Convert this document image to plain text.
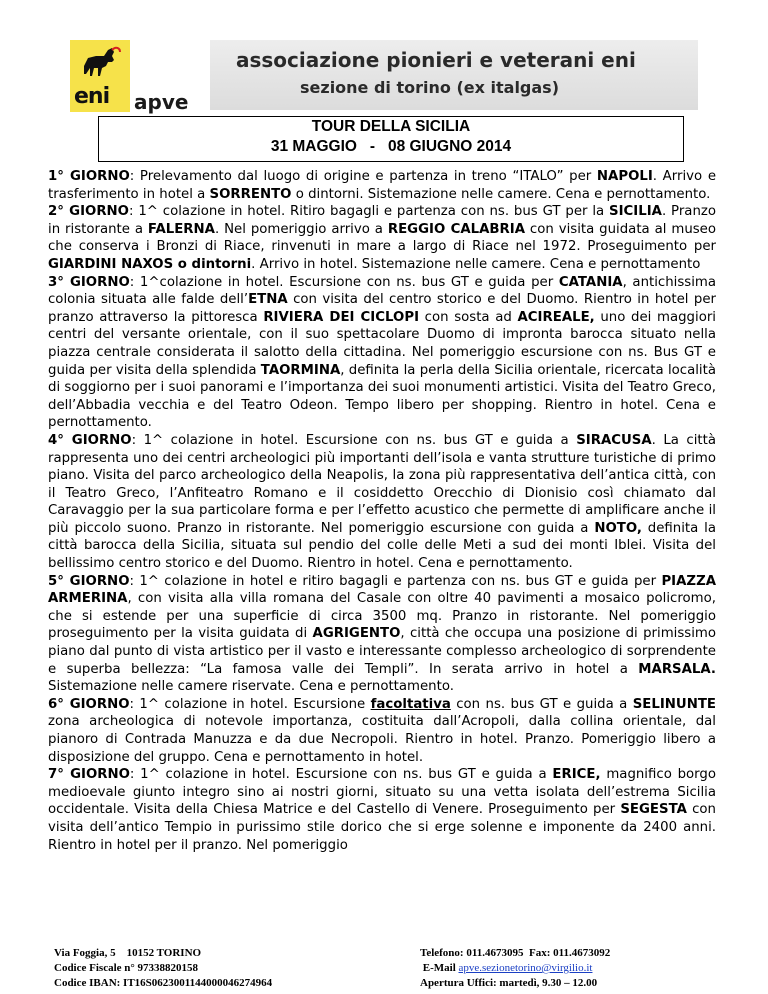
eni apve
associazione pionieri e veterani eni
sezione di torino (ex italgas)
TOUR DELLA SICILIA
31 MAGGIO   -   08 GIUGNO 2014

1° GIORNO: Prelevamento dal luogo di origine e partenza in treno “ITALO” per NAPOLI. Arrivo e trasferimento in hotel a SORRENTO o dintorni. Sistemazione nelle camere. Cena e pernottamento.

2° GIORNO: 1^ colazione in hotel. Ritiro bagagli e partenza con ns. bus GT per la SICILIA. Pranzo in ristorante a FALERNA. Nel pomeriggio arrivo a REGGIO CALABRIA con visita guidata al museo che conserva i Bronzi di Riace, rinvenuti in mare a largo di Riace nel 1972. Proseguimento per GIARDINI NAXOS o dintorni. Arrivo in hotel. Sistemazione nelle camere. Cena e pernottamento

3° GIORNO: 1^colazione in hotel. Escursione con ns. bus GT e guida per CATANIA, antichissima colonia situata alle falde dell’ETNA con visita del centro storico e del Duomo. Rientro in hotel per pranzo attraverso la pittoresca RIVIERA DEI CICLOPI con sosta ad ACIREALE, uno dei maggiori centri del versante orientale, con il suo spettacolare Duomo di impronta barocca situato nella piazza centrale considerata il salotto della cittadina. Nel pomeriggio escursione con ns. Bus GT e guida per visita della splendida TAORMINA, definita la perla della Sicilia orientale, ricercata località di soggiorno per i suoi panorami e l’importanza dei suoi monumenti artistici. Visita del Teatro Greco, dell’Abbadia vecchia e del Teatro Odeon. Tempo libero per shopping. Rientro in hotel. Cena e pernottamento.

4° GIORNO: 1^ colazione in hotel. Escursione con ns. bus GT e guida a SIRACUSA. La città rappresenta uno dei centri archeologici più importanti dell’isola e vanta strutture turistiche di primo piano. Visita del parco archeologico della Neapolis, la zona più rappresentativa dell’antica città, con il Teatro Greco, l’Anfiteatro Romano e il cosiddetto Orecchio di Dionisio così chiamato dal Caravaggio per la sua particolare forma e per l’effetto acustico che permette di amplificare anche il più piccolo suono. Pranzo in ristorante. Nel pomeriggio escursione con guida a NOTO, definita la città barocca della Sicilia, situata sul pendio del colle delle Meti a sud dei monti Iblei. Visita del bellissimo centro storico e del Duomo. Rientro in hotel. Cena e pernottamento.

5° GIORNO: 1^ colazione in hotel e ritiro bagagli e partenza con ns. bus GT e guida per PIAZZA ARMERINA, con visita alla villa romana del Casale con oltre 40 pavimenti a mosaico policromo, che si estende per una superficie di circa 3500 mq. Pranzo in ristorante. Nel pomeriggio proseguimento per la visita guidata di AGRIGENTO, città che occupa una posizione di primissimo piano dal punto di vista artistico per il vasto e interessante complesso archeologico di sorprendente e superba bellezza: “La famosa valle dei Templi”. In serata arrivo in hotel a MARSALA. Sistemazione nelle camere riservate. Cena e pernottamento.

6° GIORNO: 1^ colazione in hotel. Escursione facoltativa con ns. bus GT e guida a SELINUNTE zona archeologica di notevole importanza, costituita dall’Acropoli, dalla collina orientale, dal pianoro di Contrada Manuzza e da due Necropoli. Rientro in hotel. Pranzo. Pomeriggio libero a disposizione del gruppo. Cena e pernottamento in hotel.

7° GIORNO: 1^ colazione in hotel. Escursione con ns. bus GT e guida a ERICE, magnifico borgo medioevale giunto integro sino ai nostri giorni, situato su una vetta isolata dell’estrema Sicilia occidentale. Visita della Chiesa Matrice e del Castello di Venere. Proseguimento per SEGESTA con visita dell’antico Tempio in purissimo stile dorico che si erge solenne e imponente da 2400 anni. Rientro in hotel per il pranzo. Nel pomeriggio

Via Foggia, 5    10152 TORINO
Codice Fiscale n° 97338820158
Codice IBAN: IT16S0623001144000046274964
Telefono: 011.4673095  Fax: 011.4673092
E-Mail apve.sezionetorino@virgilio.it
Apertura Uffici: martedì, 9.30 – 12.00
